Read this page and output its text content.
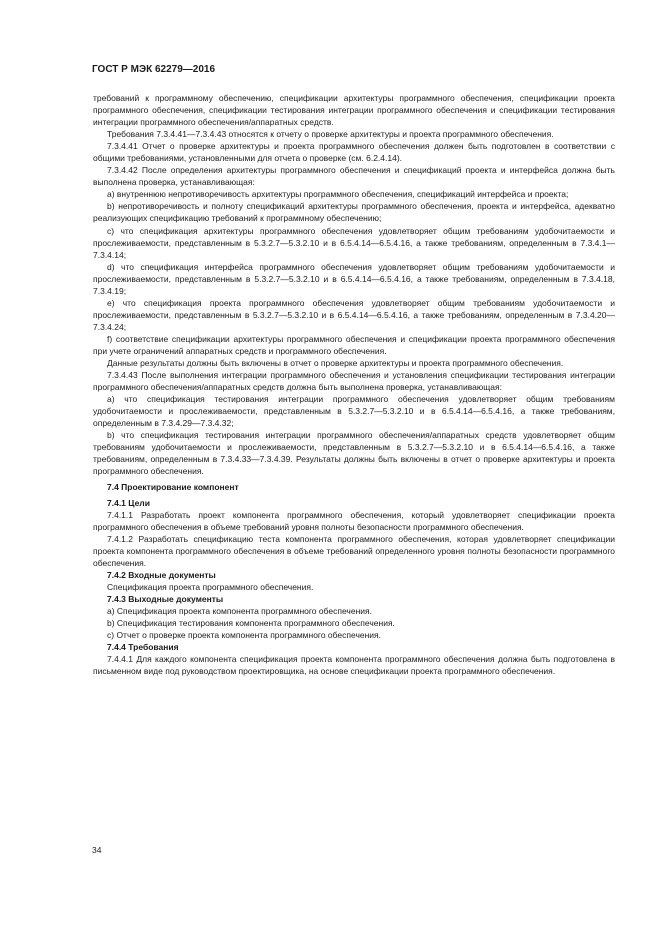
ГОСТ Р МЭК 62279—2016

требований к программному обеспечению, спецификации архитектуры программного обеспечения, спецификации проекта программного обеспечения, спецификации тестирования интеграции программного обеспечения и спецификации тестирования интеграции программного обеспечения/аппаратных средств.

Требования 7.3.4.41—7.3.4.43 относятся к отчету о проверке архитектуры и проекта программного обеспечения.

7.3.4.41 Отчет о проверке архитектуры и проекта программного обеспечения должен быть подготовлен в соответствии с общими требованиями, установленными для отчета о проверке (см. 6.2.4.14).

7.3.4.42 После определения архитектуры программного обеспечения и спецификаций проекта и интерфейса должна быть выполнена проверка, устанавливающая:

a) внутреннюю непротиворечивость архитектуры программного обеспечения, спецификаций интерфейса и проекта;

b) непротиворечивость и полноту спецификаций архитектуры программного обеспечения, проекта и интерфейса, адекватно реализующих спецификацию требований к программному обеспечению;

c) что спецификация архитектуры программного обеспечения удовлетворяет общим требованиям удобочитаемости и прослеживаемости, представленным в 5.3.2.7—5.3.2.10 и в 6.5.4.14—6.5.4.16, а также требованиям, определенным в 7.3.4.1—7.3.4.14;

d) что спецификация интерфейса программного обеспечения удовлетворяет общим требованиям удобочитаемости и прослеживаемости, представленным в 5.3.2.7—5.3.2.10 и в 6.5.4.14—6.5.4.16, а также требованиям, определенным в 7.3.4.18, 7.3.4.19;

e) что спецификация проекта программного обеспечения удовлетворяет общим требованиям удобочитаемости и прослеживаемости, представленным в 5.3.2.7—5.3.2.10 и в 6.5.4.14—6.5.4.16, а также требованиям, определенным в 7.3.4.20—7.3.4.24;

f) соответствие спецификации архитектуры программного обеспечения и спецификации проекта программного обеспечения при учете ограничений аппаратных средств и программного обеспечения.

Данные результаты должны быть включены в отчет о проверке архитектуры и проекта программного обеспечения.

7.3.4.43 После выполнения интеграции программного обеспечения и установления спецификации тестирования интеграции программного обеспечения/аппаратных средств должна быть выполнена проверка, устанавливающая:

a) что спецификация тестирования интеграции программного обеспечения удовлетворяет общим требованиям удобочитаемости и прослеживаемости, представленным в 5.3.2.7—5.3.2.10 и в 6.5.4.14—6.5.4.16, а также требованиям, определенным в 7.3.4.29—7.3.4.32;

b) что спецификация тестирования интеграции программного обеспечения/аппаратных средств удовлетворяет общим требованиям удобочитаемости и прослеживаемости, представленным в 5.3.2.7—5.3.2.10 и в 6.5.4.14—6.5.4.16, а также требованиям, определенным в 7.3.4.33—7.3.4.39. Результаты должны быть включены в отчет о проверке архитектуры и проекта программного обеспечения.

7.4 Проектирование компонент

7.4.1 Цели

7.4.1.1 Разработать проект компонента программного обеспечения, который удовлетворяет спецификации проекта программного обеспечения в объеме требований уровня полноты безопасности программного обеспечения.

7.4.1.2 Разработать спецификацию теста компонента программного обеспечения, которая удовлетворяет спецификации проекта компонента программного обеспечения в объеме требований определенного уровня полноты безопасности программного обеспечения.

7.4.2 Входные документы

Спецификация проекта программного обеспечения.

7.4.3 Выходные документы

a) Спецификация проекта компонента программного обеспечения.

b) Спецификация тестирования компонента программного обеспечения.

c) Отчет о проверке проекта компонента программного обеспечения.

7.4.4 Требования

7.4.4.1 Для каждого компонента спецификация проекта компонента программного обеспечения должна быть подготовлена в письменном виде под руководством проектировщика, на основе спецификации проекта программного обеспечения.

34
